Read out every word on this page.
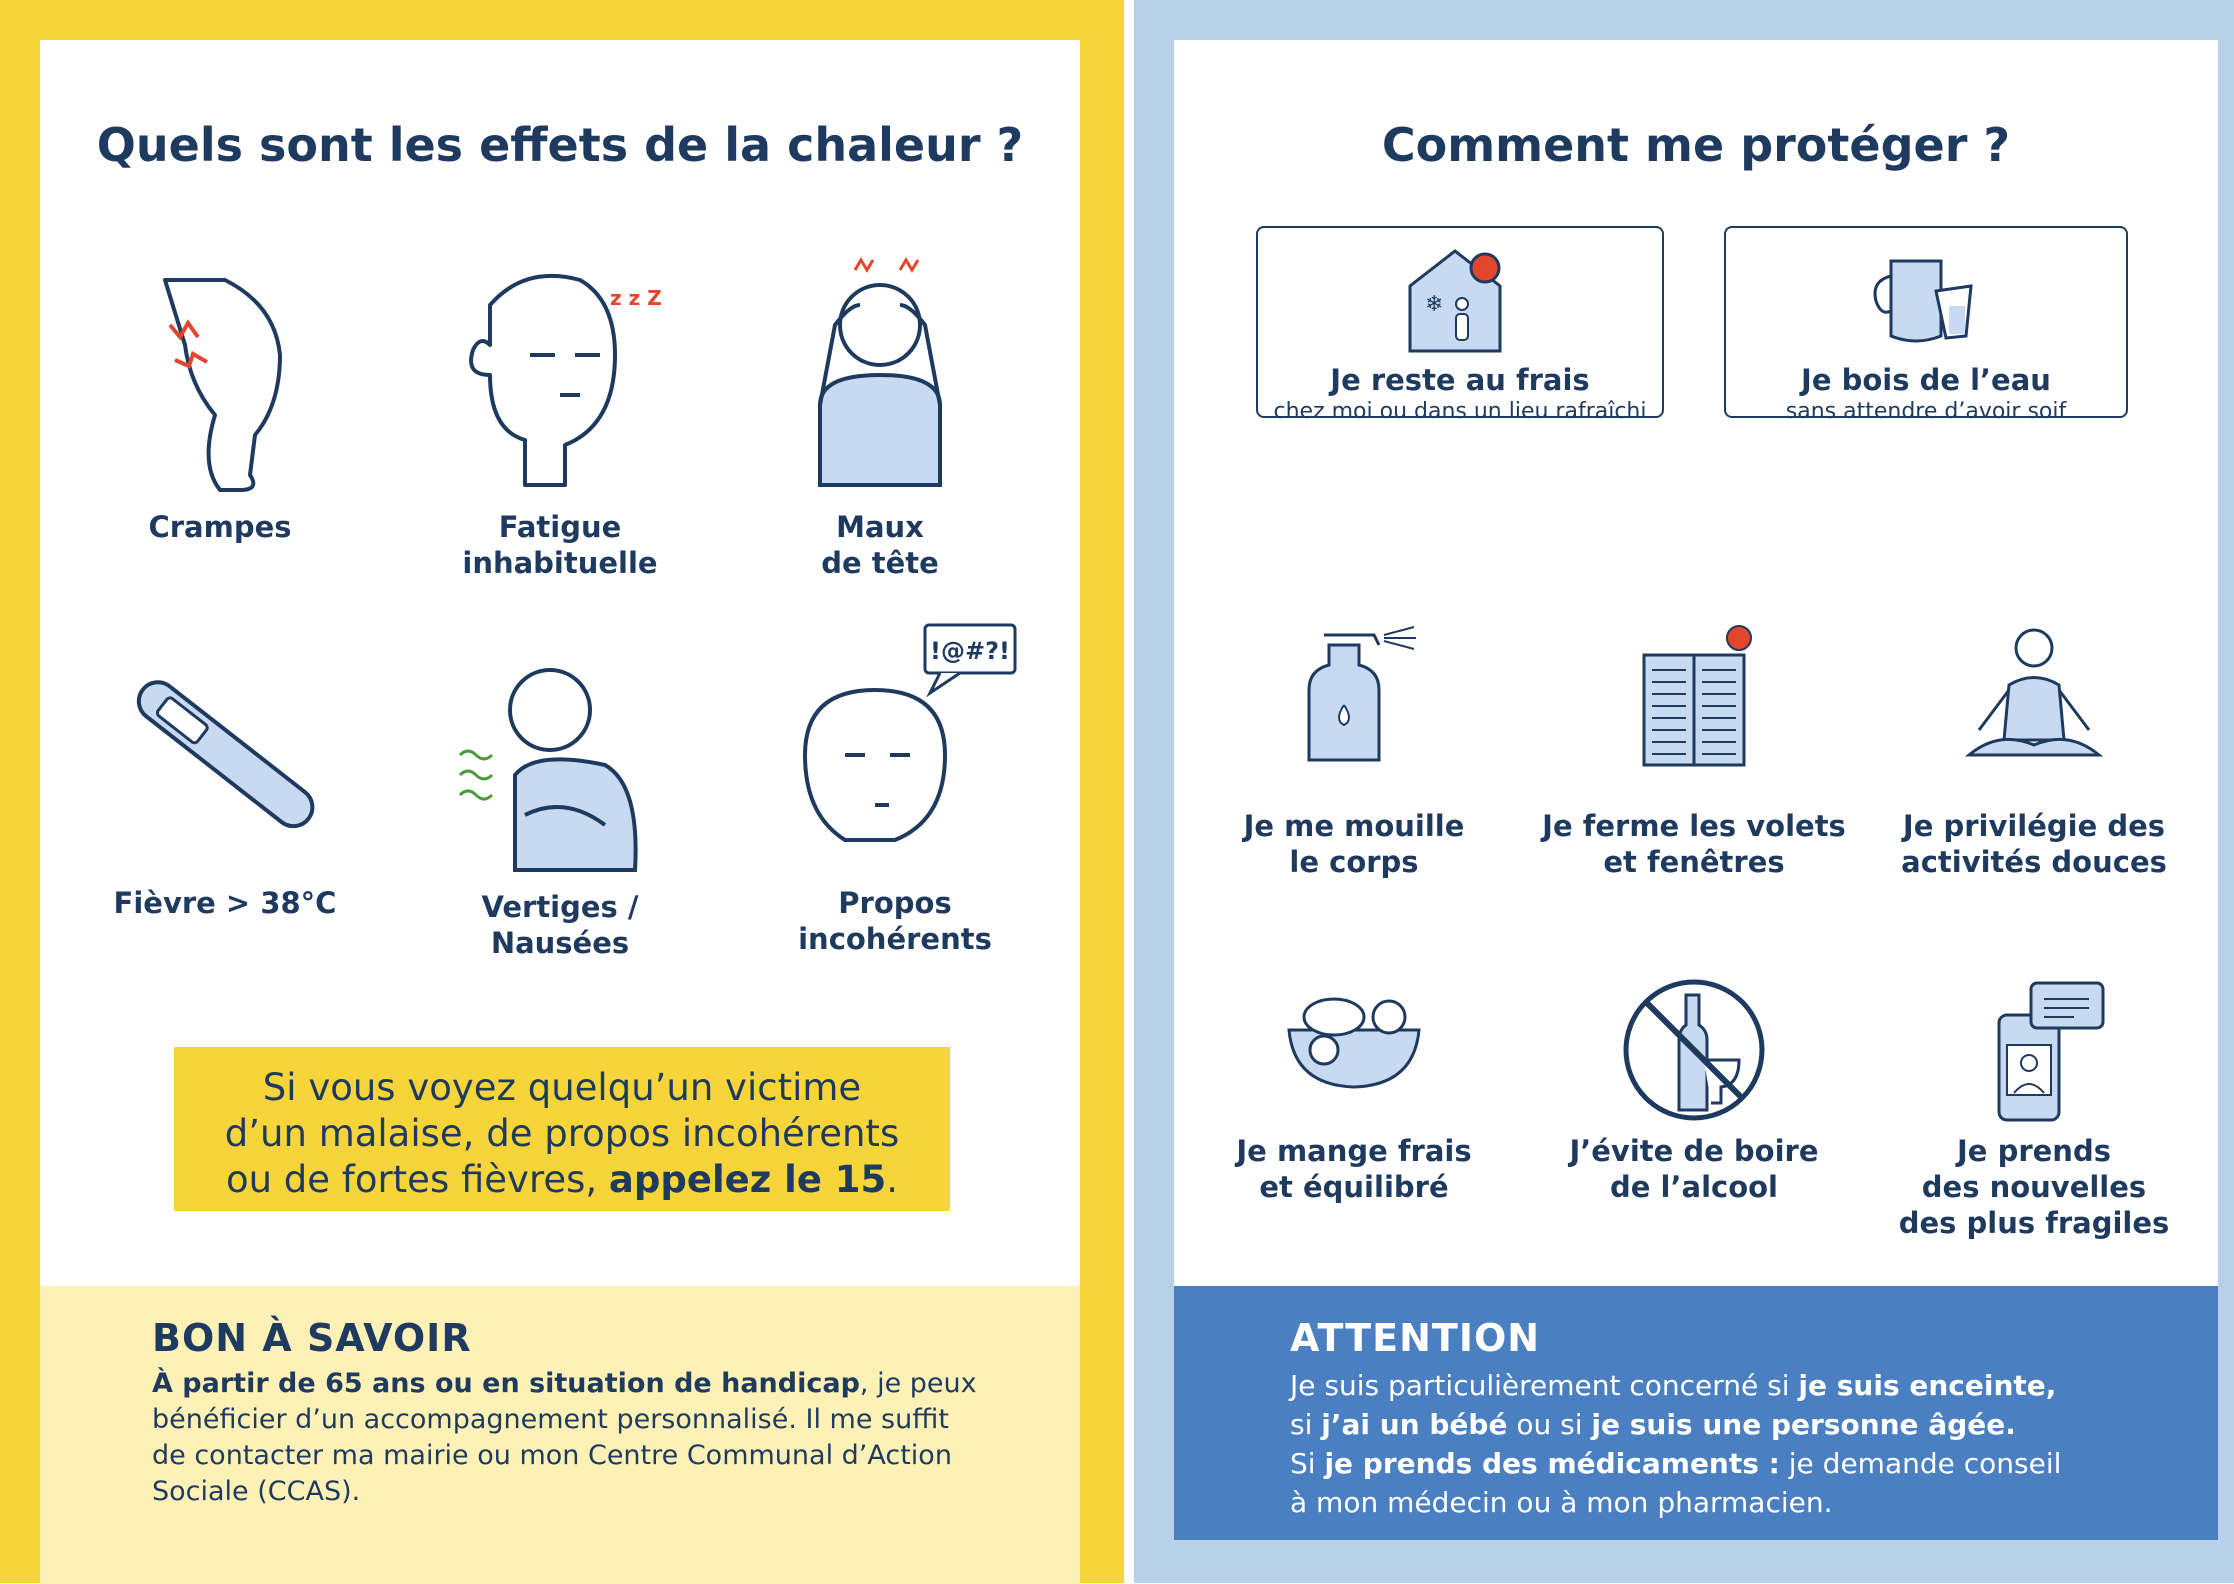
Quels sont les effets de la chaleur ?
Crampes
z z Z
Fatigue
inhabituelle
Maux
de tête
Fièvre > 38°C	Vertiges /
Nausées
!@#?!
Propos
incohérents
Si vous voyez quelqu’un victime
d’un malaise, de propos incohérents
ou de fortes fièvres, appelez le 15.
BON À SAVOIR
À partir de 65 ans ou en situation de handicap, je peux
bénéficier d’un accompagnement personnalisé. Il me suffit
de contacter ma mairie ou mon Centre Communal d’Action
Sociale (CCAS).
Comment me protéger ?
❄
Je reste au frais
chez moi ou dans un lieu rafraîchi
Je bois de l’eau
sans attendre d’avoir soif
Je me mouille
le corps
Je ferme les volets
et fenêtres
Je privilégie des
activités douces
Je mange frais
et équilibré
J’évite de boire
de l’alcool
Je prends
des nouvelles
des plus fragiles
ATTENTION
Je suis particulièrement concerné si je suis enceinte,
si j’ai un bébé ou si je suis une personne âgée.
Si je prends des médicaments : je demande conseil
à mon médecin ou à mon pharmacien.
